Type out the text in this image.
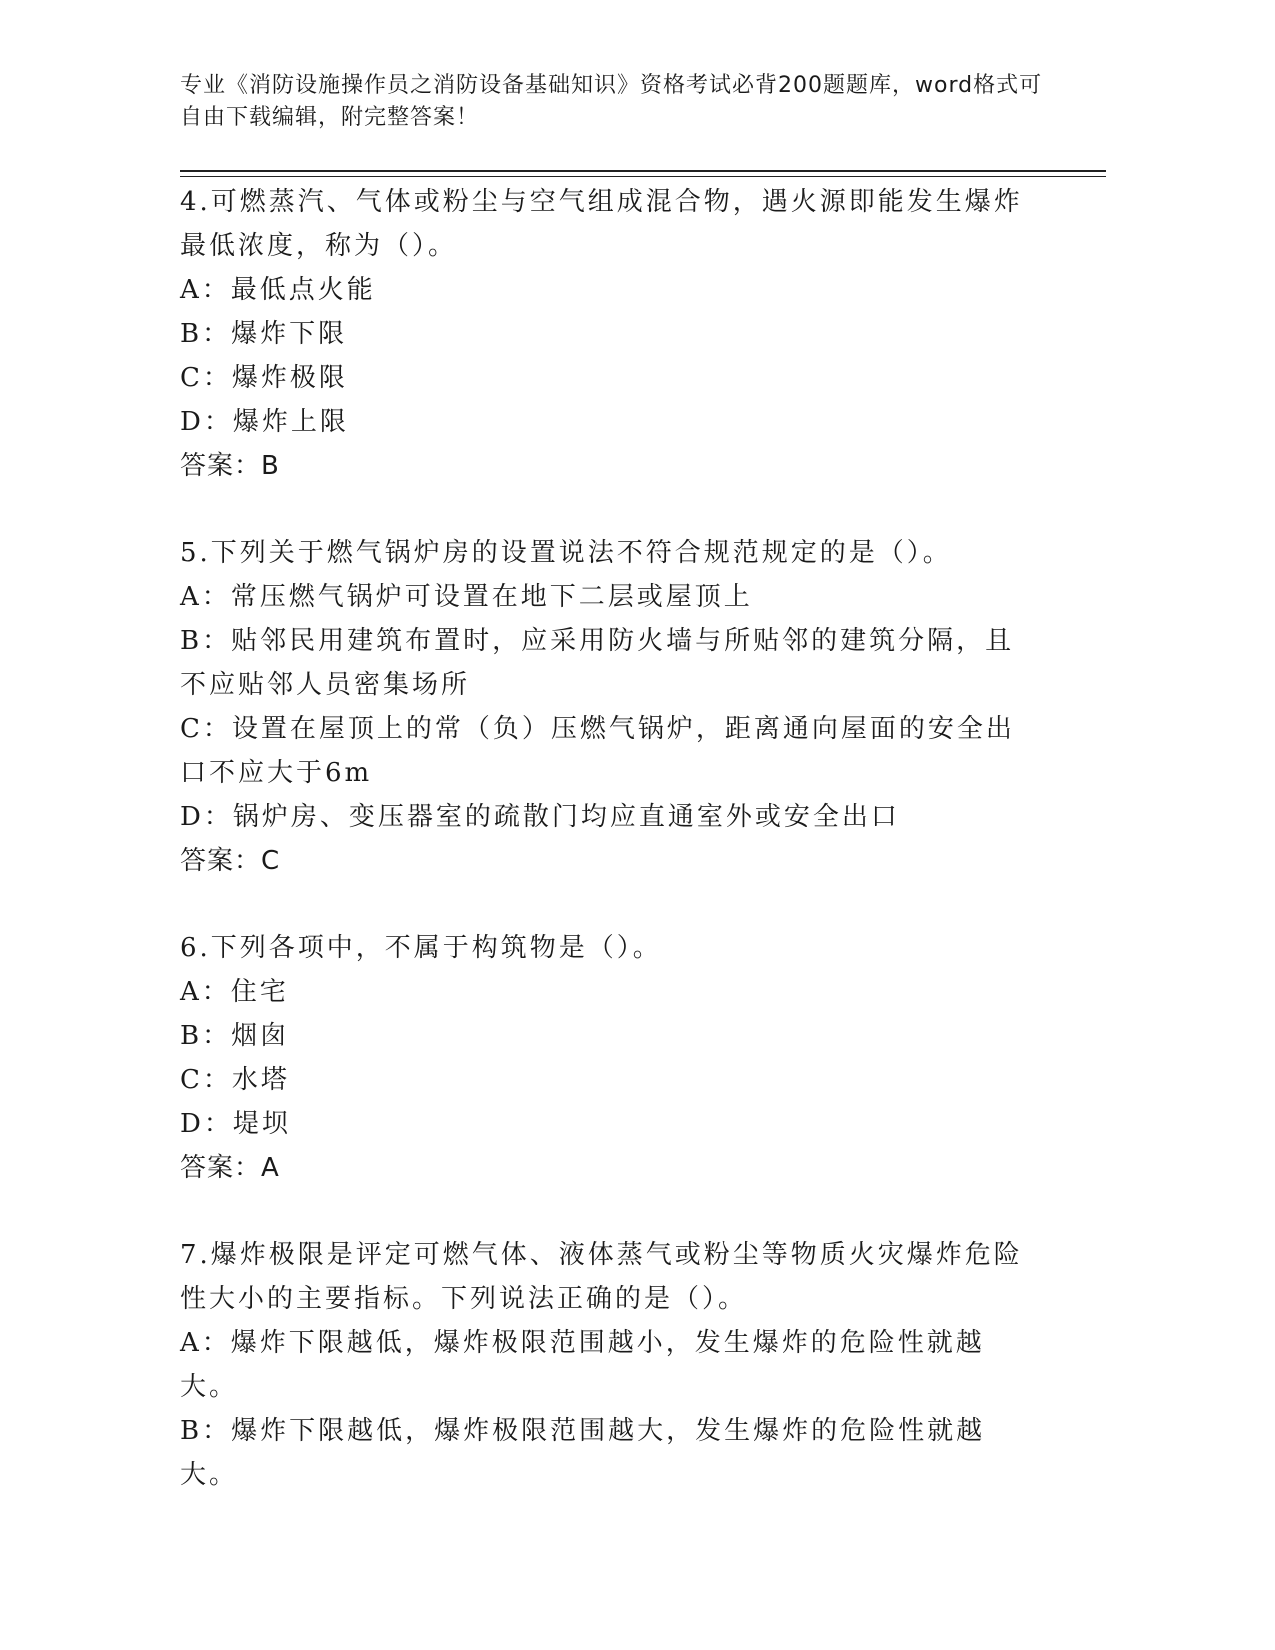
专业《消防设施操作员之消防设备基础知识》资格考试必背200题题库，word格式可自由下载编辑，附完整答案！

4.可燃蒸汽、气体或粉尘与空气组成混合物，遇火源即能发生爆炸最低浓度，称为（）。

A：最低点火能

B：爆炸下限

C：爆炸极限

D：爆炸上限

答案：B

5.下列关于燃气锅炉房的设置说法不符合规范规定的是（）。

A：常压燃气锅炉可设置在地下二层或屋顶上

B：贴邻民用建筑布置时，应采用防火墙与所贴邻的建筑分隔，且不应贴邻人员密集场所

C：设置在屋顶上的常（负）压燃气锅炉，距离通向屋面的安全出口不应大于6m

D：锅炉房、变压器室的疏散门均应直通室外或安全出口

答案：C

6.下列各项中，不属于构筑物是（）。

A：住宅

B：烟囱

C：水塔

D：堤坝

答案：A

7.爆炸极限是评定可燃气体、液体蒸气或粉尘等物质火灾爆炸危险性大小的主要指标。下列说法正确的是（）。

A：爆炸下限越低，爆炸极限范围越小，发生爆炸的危险性就越大。

B：爆炸下限越低，爆炸极限范围越大，发生爆炸的危险性就越大。
